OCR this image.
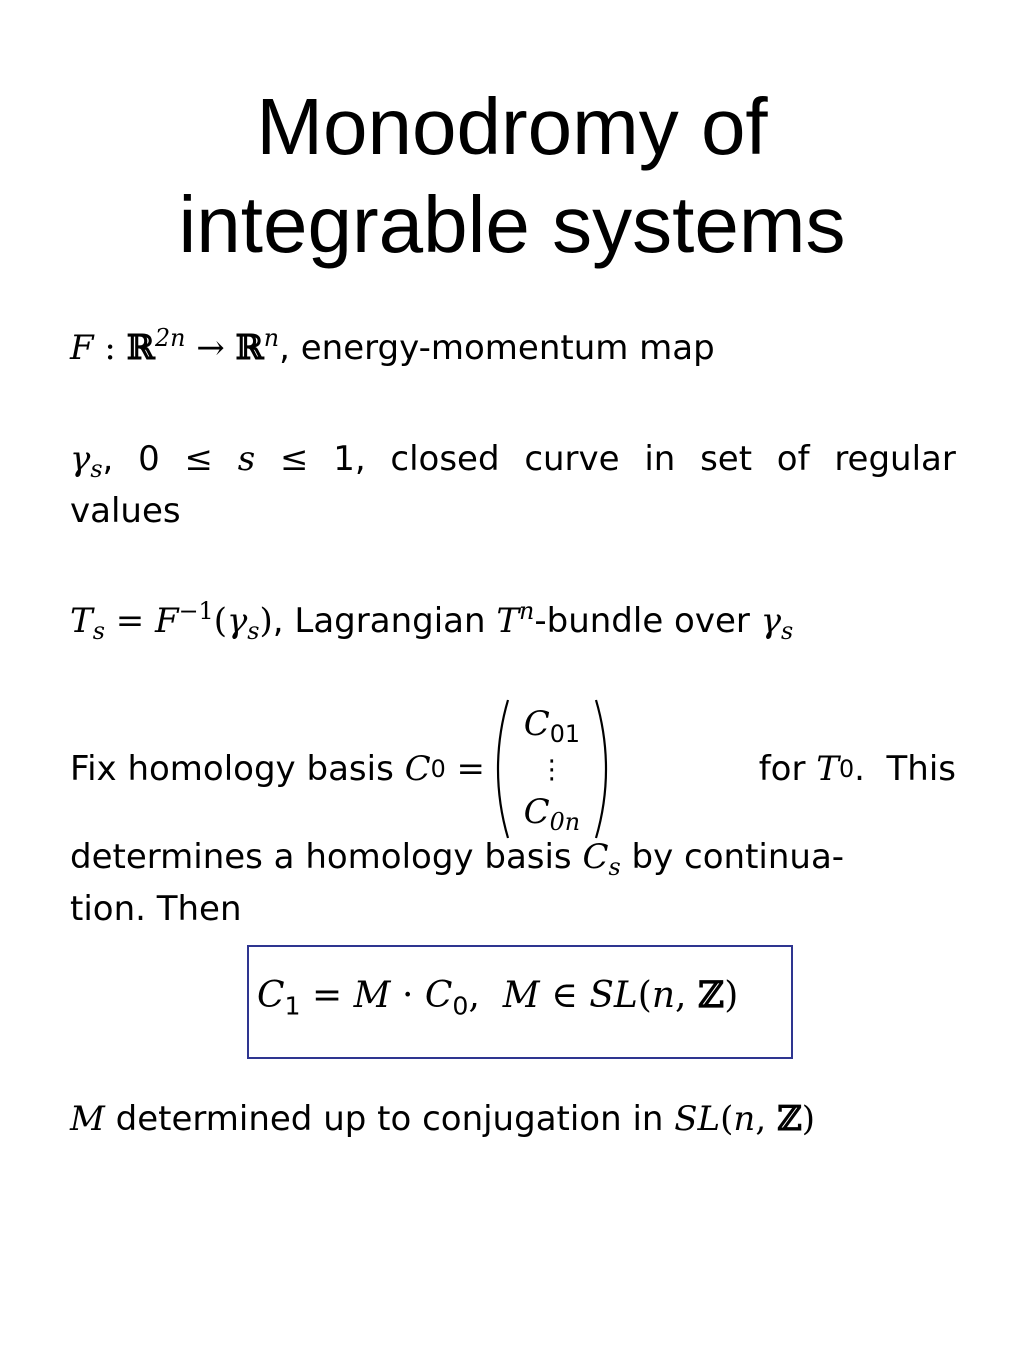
Monodromy of
integrable systems
F : ℝ$^{2n}$ → ℝ$^n$, energy-momentum map
$\gamma_s$, 0 ≤ s ≤ 1, closed curve in set of regular
values
$T_s = F^{-1}(\gamma_s)$, Lagrangian $T^n$-bundle over $\gamma_s$
Fix homology basis C 0 =
$C_{01}$
⋮
$C_{0n}$
for T 0 .  This
determines a homology basis $C_s$ by continua-
tion. Then
$C_1 = M \cdot C_0$,  M ∈ SL(n, ℤ)
M determined up to conjugation in SL(n, ℤ)
